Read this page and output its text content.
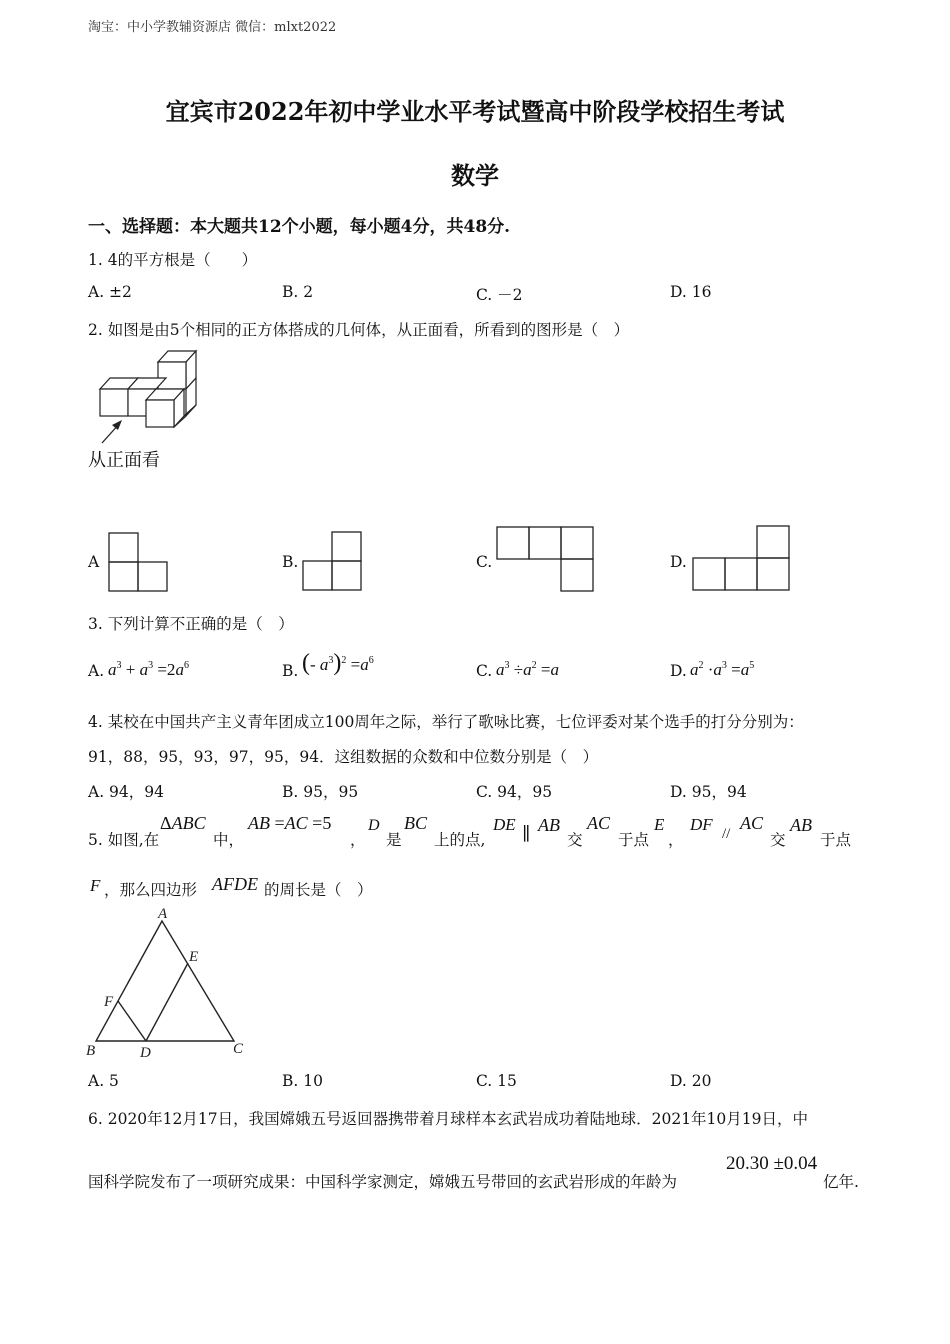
淘宝：中小学教辅资源店 微信：mlxt2022
宜宾市2022年初中学业水平考试暨高中阶段学校招生考试
数学
一、选择题：本大题共12个小题，每小题4分，共48分.
1. 4的平方根是（　　）
A. ±2	B. 2	C. －2	D. 16
2. 如图是由5个相同的正方体搭成的几何体，从正面看，所看到的图形是（　）
从正面看
A	B.	C.	D.
3. 下列计算不正确的是（　）
A. $a^3 + a^3 =2a^6$	B. (- $a^3)^2 =a^6$
C. $a^3 \div a^2 =a$	D. $a^2 \cdot a^3 =a^5$
4. 某校在中国共产主义青年团成立100周年之际，举行了歌咏比赛，七位评委对某个选手的打分分别为：
91，88，95，93，97，95，94．这组数据的众数和中位数分别是（　）
A. 94，94	B. 95，95	C. 94，95	D. 95，94
5. 如图,在
ΔABC
中，
AB =AC =5
，
D
是
BC
上的点,
DE ∥ AB
交
AC
于点
E
，
DF //
AC
交
AB
于点
F ，那么四边形 AFDE 的周长是（　）
A
E
F
B	D	C
A. 5	B. 10	C. 15	D. 20
6. 2020年12月17日，我国嫦娥五号返回器携带着月球样本玄武岩成功着陆地球．2021年10月19日，中
国科学院发布了一项研究成果：中国科学家测定，嫦娥五号带回的玄武岩形成的年龄为
20.30 ±0.04
亿年.
